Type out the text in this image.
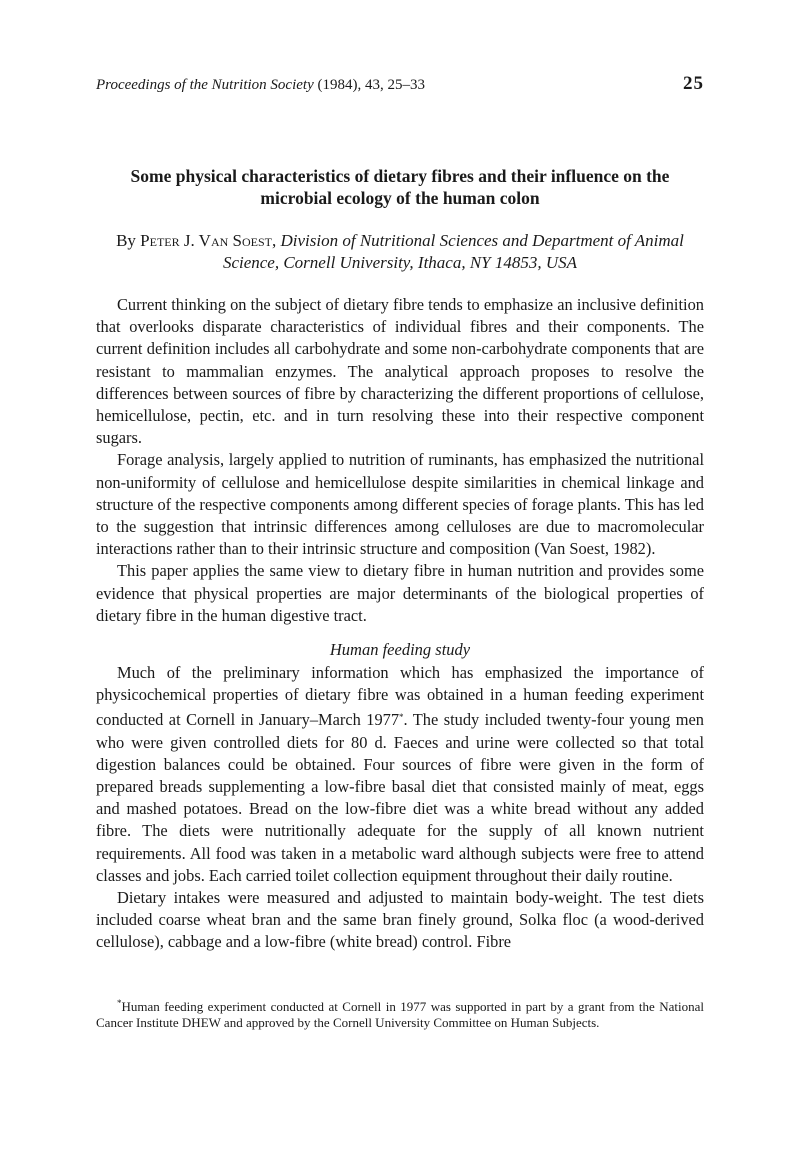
Proceedings of the Nutrition Society (1984), 43, 25–33	25
Some physical characteristics of dietary fibres and their influence on the microbial ecology of the human colon
By Peter J. Van Soest, Division of Nutritional Sciences and Department of Animal Science, Cornell University, Ithaca, NY 14853, USA

Current thinking on the subject of dietary fibre tends to emphasize an inclusive definition that overlooks disparate characteristics of individual fibres and their components. The current definition includes all carbohydrate and some non-carbohydrate components that are resistant to mammalian enzymes. The analytical approach proposes to resolve the differences between sources of fibre by characterizing the different proportions of cellulose, hemicellulose, pectin, etc. and in turn resolving these into their respective component sugars.

Forage analysis, largely applied to nutrition of ruminants, has emphasized the nutritional non-uniformity of cellulose and hemicellulose despite similarities in chemical linkage and structure of the respective components among different species of forage plants. This has led to the suggestion that intrinsic differences among celluloses are due to macromolecular interactions rather than to their intrinsic structure and composition (Van Soest, 1982).

This paper applies the same view to dietary fibre in human nutrition and provides some evidence that physical properties are major determinants of the biological properties of dietary fibre in the human digestive tract.

Human feeding study

Much of the preliminary information which has emphasized the importance of physicochemical properties of dietary fibre was obtained in a human feeding experiment conducted at Cornell in January–March 1977*. The study included twenty-four young men who were given controlled diets for 80 d. Faeces and urine were collected so that total digestion balances could be obtained. Four sources of fibre were given in the form of prepared breads supplementing a low-fibre basal diet that consisted mainly of meat, eggs and mashed potatoes. Bread on the low-fibre diet was a white bread without any added fibre. The diets were nutritionally adequate for the supply of all known nutrient requirements. All food was taken in a metabolic ward although subjects were free to attend classes and jobs. Each carried toilet collection equipment throughout their daily routine.

Dietary intakes were measured and adjusted to maintain body-weight. The test diets included coarse wheat bran and the same bran finely ground, Solka floc (a wood-derived cellulose), cabbage and a low-fibre (white bread) control. Fibre

*Human feeding experiment conducted at Cornell in 1977 was supported in part by a grant from the National Cancer Institute DHEW and approved by the Cornell University Committee on Human Subjects.
